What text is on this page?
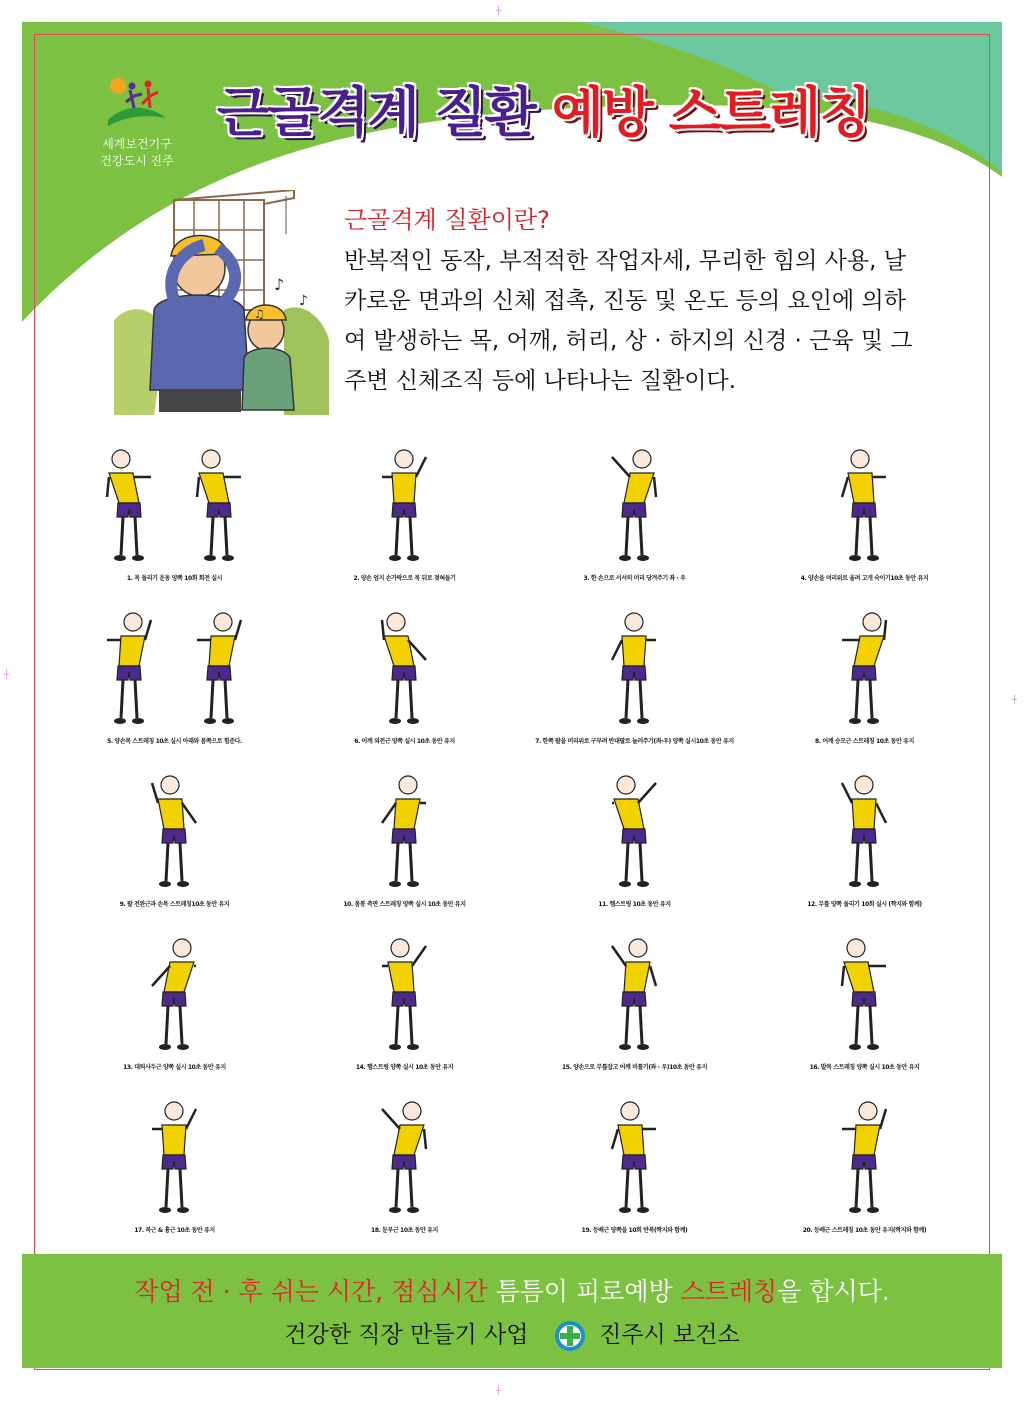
세계보건기구
건강도시 진주
근골격계 질환 예방 스트레칭
♪
♪
♫
근골격계 질환이란?
반복적인 동작, 부적적한 작업자세, 무리한 힘의 사용, 날
카로운 면과의 신체 접촉, 진동 및 온도 등의 요인에 의하
여 발생하는 목, 어깨, 허리, 상 · 하지의 신경 · 근육 및 그
주변 신체조직 등에 나타나는 질환이다.
1. 목 돌리기 운동 양쪽 10회 회전 실시	2. 양손 엄지 손가락으로 목 뒤로 젖혀들기	3. 한 손으로 서서히 머리 당겨주기 좌 · 우	4. 양손을 머리위로 올려 고개 숙이기10초 동안 유지
5. 양손목 스트레칭 10초 실시 아래와 몸쪽으로 힘준다.	6. 어깨 외전근 양쪽 실시 10초 동안 유지	7. 한쪽 팔을 머리위로 구부려 반대팔로 눌러주기(좌·우) 양쪽 실시10초 동안 유지	8. 어깨 승모근 스트레칭 10초 동안 유지
9. 팔 전완근과 손목 스트레칭10초 동안 유지	10. 몸통 측면 스트레칭 양쪽 실시 10초 동안 유지	11. 햄스트링 10초 동안 유지	12. 무릎 양쪽 돌리기 10회 실시 (짝지와 함께)
13. 대퇴사두근 양쪽 실시 10초 동안 유지	14. 햄스트링 양쪽 실시 10초 동안 유지	15. 양손으로 무릎잡고 어깨 비틀기(좌 · 우)10초 동안 유지	16. 발목 스트레칭 양쪽 실시 10초 동안 유지
17. 복근 & 흉근 10초 동안 유지	18. 둔부근 10초 동안 유지	19. 등배근 양쪽을 10회 반복(짝지와 함께)	20. 등배근 스트레칭 10초 동안 유지(짝지와 함께)
작업 전 · 후 쉬는 시간, 점심시간 틈틈이 피로예방 스트레칭을 합시다.
건강한 직장 만들기 사업	진주시 보건소
┼
┼
┼
┼
